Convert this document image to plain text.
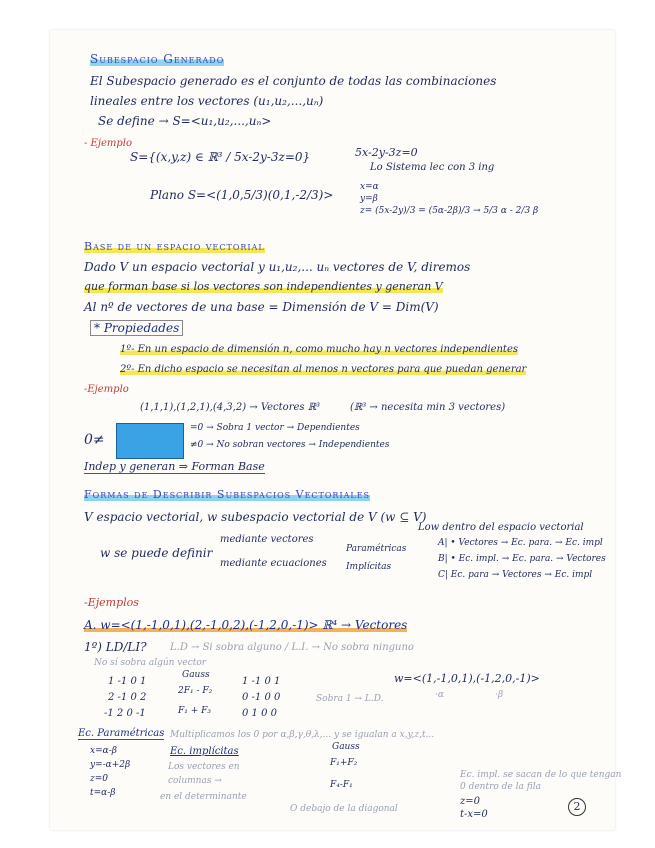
Subespacio Generado
El Subespacio generado es el conjunto de todas las combinaciones
lineales entre los vectores (u₁,u₂,...,uₙ)
Se define → S=<u₁,u₂,...,uₙ>
- Ejemplo
S={(x,y,z) ∈ ℝ³ / 5x-2y-3z=0}	5x-2y-3z=0
Lo Sistema lec con 3 ing
Plano S=<(1,0,5/3)(0,1,-2/3)>
x=α
y=β
z= (5x-2y)/3 = (5α-2β)/3 → 5/3 α - 2/3 β
Base de un espacio vectorial
Dado V un espacio vectorial y u₁,u₂,... uₙ vectores de V, diremos
que forman base si los vectores son independientes y generan V
Al nº de vectores de una base = Dimensión de V = Dim(V)
* Propiedades
1º- En un espacio de dimensión n, como mucho hay n vectores independientes
2º- En dicho espacio se necesitan al menos n vectores para que puedan generar
-Ejemplo
(1,1,1),(1,2,1),(4,3,2) → Vectores ℝ³	(ℝ³ → necesita min 3 vectores)
0≠
=0 → Sobra 1 vector → Dependientes
≠0 → No sobran vectores → Independientes
Indep y generan ⇒ Forman Base
Formas de Describir Subespacios Vectoriales
V espacio vectorial, w subespacio vectorial de V (w ⊆ V)
Low dentro del espacio vectorial
w se puede definir
mediante vectores
mediante ecuaciones
Paramétricas
Implícitas
A| • Vectores → Ec. para. → Ec. impl
B| • Ec. impl. → Ec. para. → Vectores
C| Ec. para → Vectores → Ec. impl
-Ejemplos
A. w=<(1,-1,0,1),(2,-1,0,2),(-1,2,0,-1)> ℝ⁴ → Vectores
1º) LD/LI? L.D → Si sobra alguno / L.I. → No sobra ninguno
No sí sobra algún vector
Gauss
2F₁ - F₂
F₁ + F₃
1 -1 0 1
2 -1 0 2
-1 2 0 -1
1 -1 0 1
0 -1 0 0
0 1 0 0
Sobra 1 → L.D.
w=<(1,-1,0,1),(-1,2,0,-1)>
·α	·β
Ec. Paramétricas Multiplicamos los 0 por α,β,γ,θ,λ,... y se igualan a x,y,z,t...
x=α-β
y=-α+2β
z=0
t=α-β
Ec. implícitas
Los vectores en
columnas →
en el determinante
Gauss
F₁+F₂
F₄-F₁
O debajo de la diagonal
Ec. impl. se sacan de lo que tengan
0 dentro de la fila
z=0
t-x=0
2
